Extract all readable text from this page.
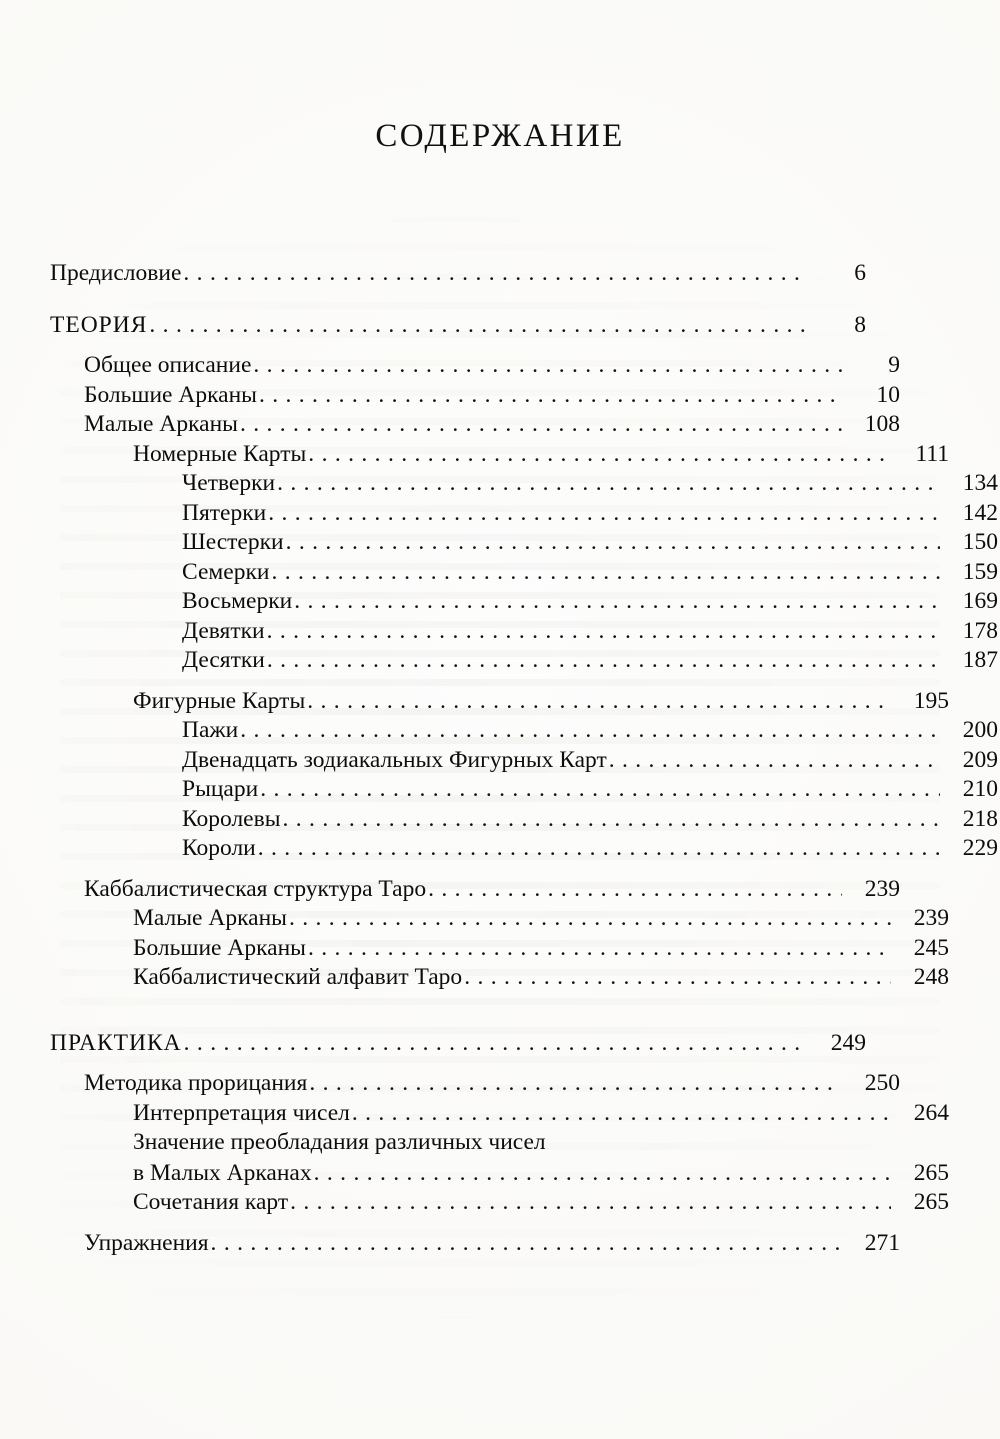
СОДЕРЖАНИЕ
Предисловие .....	6
ТЕОРИЯ .....	8
Общее описание .....	9
Большие Арканы .....	10
Малые Арканы .....	108
Номерные Карты .....	111
Четверки .....	134
Пятерки .....	142
Шестерки .....	150
Семерки .....	159
Восьмерки .....	169
Девятки .....	178
Десятки .....	187
Фигурные Карты .....	195
Пажи .....	200
Двенадцать зодиакальных Фигурных Карт .....	209
Рыцари .....	210
Королевы .....	218
Короли .....	229
Каббалистическая структура Таро .....	239
Малые Арканы .....	239
Большие Арканы .....	245
Каббалистический алфавит Таро .....	248
ПРАКТИКА .....	249
Методика прорицания .....	250
Интерпретация чисел .....	264
Значение преобладания различных чисел
в Малых Арканах .....	265
Сочетания карт .....	265
Упражнения .....	271
